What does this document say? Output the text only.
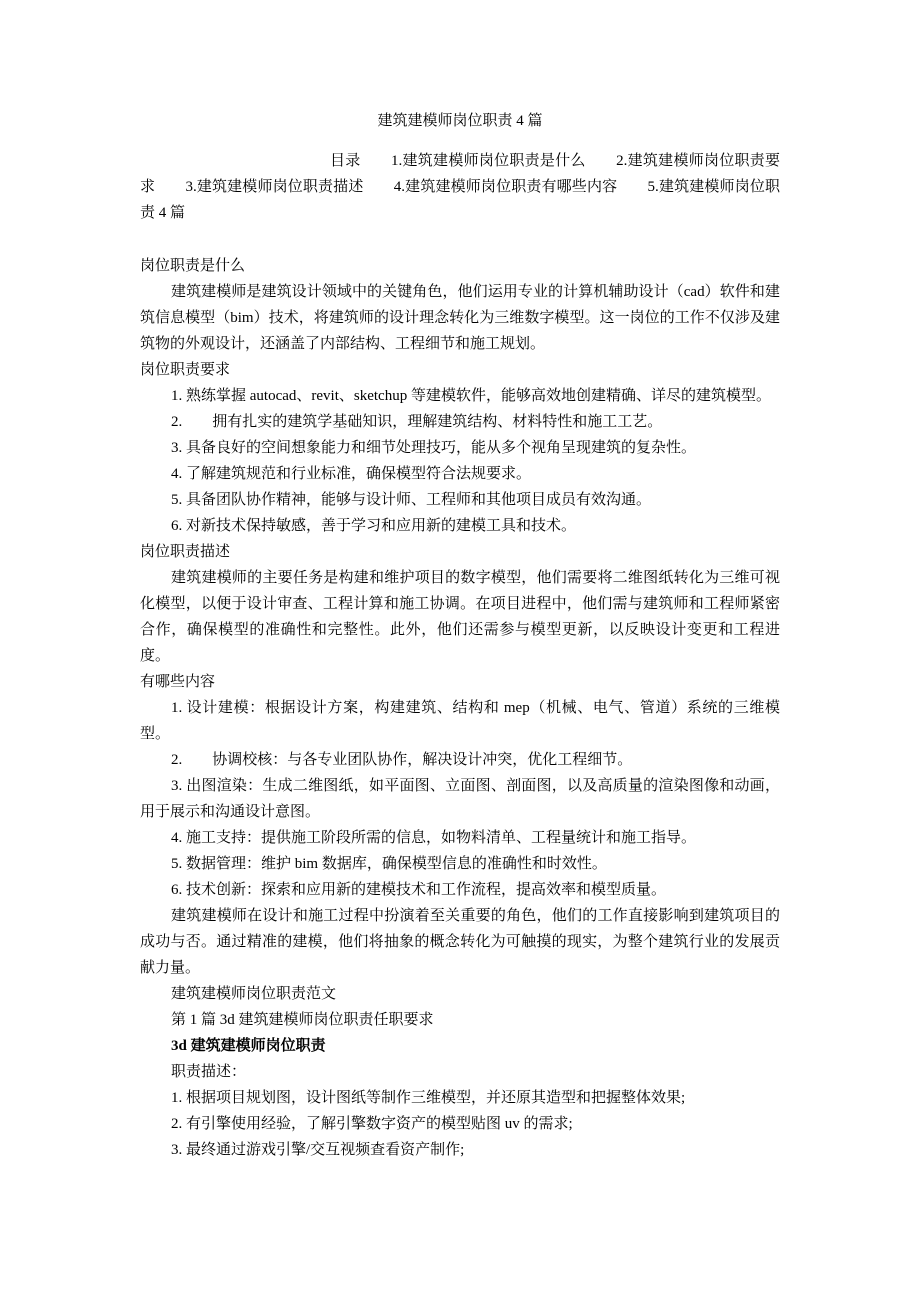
建筑建模师岗位职责 4 篇

目录　　1.建筑建模师岗位职责是什么　　2.建筑建模师岗位职责要求　　3.建筑建模师岗位职责描述　　4.建筑建模师岗位职责有哪些内容　　5.建筑建模师岗位职责 4 篇

岗位职责是什么

建筑建模师是建筑设计领域中的关键角色，他们运用专业的计算机辅助设计（cad）软件和建筑信息模型（bim）技术，将建筑师的设计理念转化为三维数字模型。这一岗位的工作不仅涉及建筑物的外观设计，还涵盖了内部结构、工程细节和施工规划。

岗位职责要求

1. 熟练掌握 autocad、revit、sketchup 等建模软件，能够高效地创建精确、详尽的建筑模型。

2.　　拥有扎实的建筑学基础知识，理解建筑结构、材料特性和施工工艺。

3. 具备良好的空间想象能力和细节处理技巧，能从多个视角呈现建筑的复杂性。

4. 了解建筑规范和行业标准，确保模型符合法规要求。

5. 具备团队协作精神，能够与设计师、工程师和其他项目成员有效沟通。

6. 对新技术保持敏感，善于学习和应用新的建模工具和技术。

岗位职责描述

建筑建模师的主要任务是构建和维护项目的数字模型，他们需要将二维图纸转化为三维可视化模型，以便于设计审查、工程计算和施工协调。在项目进程中，他们需与建筑师和工程师紧密合作，确保模型的准确性和完整性。此外，他们还需参与模型更新，以反映设计变更和工程进度。

有哪些内容

1. 设计建模：根据设计方案，构建建筑、结构和 mep（机械、电气、管道）系统的三维模型。

2.　　协调校核：与各专业团队协作，解决设计冲突，优化工程细节。

3. 出图渲染：生成二维图纸，如平面图、立面图、剖面图，以及高质量的渲染图像和动画，用于展示和沟通设计意图。

4. 施工支持：提供施工阶段所需的信息，如物料清单、工程量统计和施工指导。

5. 数据管理：维护 bim 数据库，确保模型信息的准确性和时效性。

6. 技术创新：探索和应用新的建模技术和工作流程，提高效率和模型质量。

建筑建模师在设计和施工过程中扮演着至关重要的角色，他们的工作直接影响到建筑项目的成功与否。通过精准的建模，他们将抽象的概念转化为可触摸的现实，为整个建筑行业的发展贡献力量。

建筑建模师岗位职责范文

第 1 篇 3d 建筑建模师岗位职责任职要求

3d 建筑建模师岗位职责

职责描述：

1. 根据项目规划图，设计图纸等制作三维模型，并还原其造型和把握整体效果;

2. 有引擎使用经验，了解引擎数字资产的模型贴图 uv 的需求;

3. 最终通过游戏引擎/交互视频查看资产制作;
